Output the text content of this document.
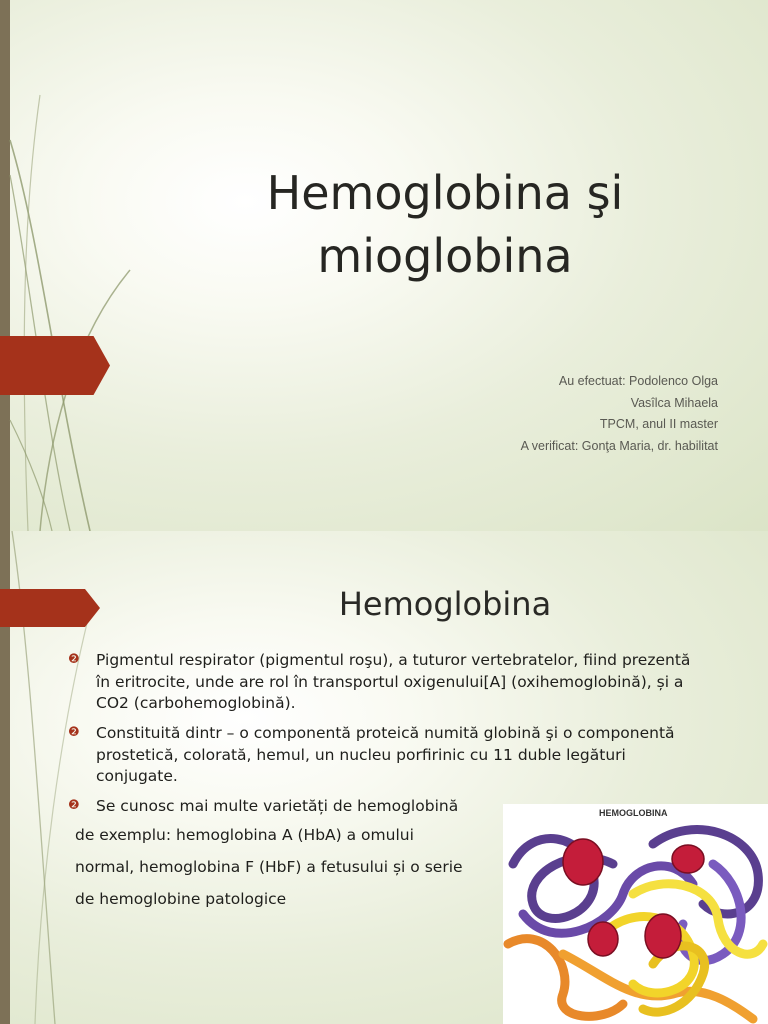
Hemoglobina şi
mioglobina
Au efectuat: Podolenco Olga
Vasîlca Mihaela
TPCM, anul II master
A verificat: Gonţa Maria, dr. habilitat
Hemoglobina
❷ Pigmentul respirator (pigmentul roşu), a tuturor vertebratelor, fiind prezentă în eritrocite, unde are rol în transportul oxigenului[A] (oxihemoglobină), și a CO2 (carbohemoglobină).
❷ Constituită dintr – o componentă proteică numită globină şi o componentă prostetică, colorată, hemul, un nucleu porfirinic cu 11 duble legături conjugate.
❷ Se cunosc mai multe varietăți de hemoglobină
de exemplu: hemoglobina A (HbA) a omului
normal, hemoglobina F (HbF) a fetusului și o serie
de hemoglobine patologice
HEMOGLOBINA
